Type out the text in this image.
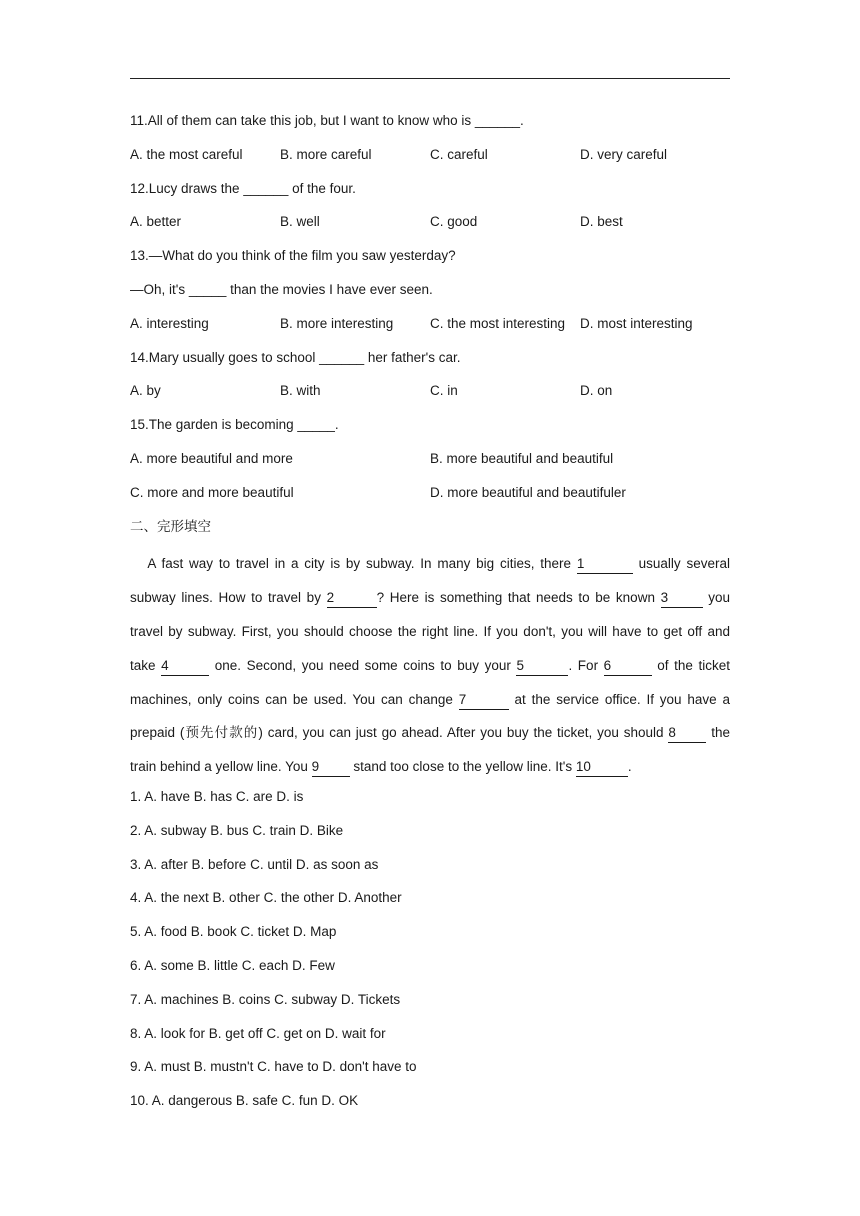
11.All of them can take this job, but I want to know who is ______.
A. the most careful	B. more careful	C. careful	D. very careful
12.Lucy draws the ______ of the four.
A. better	B. well	C. good	D. best
13.—What do you think of the film you saw yesterday?
—Oh, it's _____ than the movies I have ever seen.
A. interesting	B. more interesting	C. the most interesting	D. most interesting
14.Mary usually goes to school ______ her father's car.
A. by	B. with	C. in	D. on
15.The garden is becoming _____.
A. more beautiful and more	B. more beautiful and beautiful
C. more and more beautiful	D. more beautiful and beautifuler
二、完形填空

A fast way to travel in a city is by subway. In many big cities, there 1	usually several subway lines. How to travel by 2	? Here is something that needs to be known 3	you travel by subway. First, you should choose the right line. If you don't, you will have to get off and take 4	one. Second, you need some coins to buy your 5	. For 6	of the ticket machines, only coins can be used. You can change 7	at the service office. If you have a prepaid (预先付款的) card, you can just go ahead. After you buy the ticket, you should 8 the train behind a yellow line. You 9 stand too close to the yellow line. It's 10	.

1. A. have B. has C. are D. is
2. A. subway B. bus C. train D. Bike
3. A. after B. before C. until D. as soon as
4. A. the next B. other C. the other D. Another
5. A. food B. book C. ticket D. Map
6. A. some B. little C. each D. Few
7. A. machines B. coins C. subway D. Tickets
8. A. look for B. get off C. get on D. wait for
9. A. must B. mustn't C. have to D. don't have to
10. A. dangerous B. safe C. fun D. OK
